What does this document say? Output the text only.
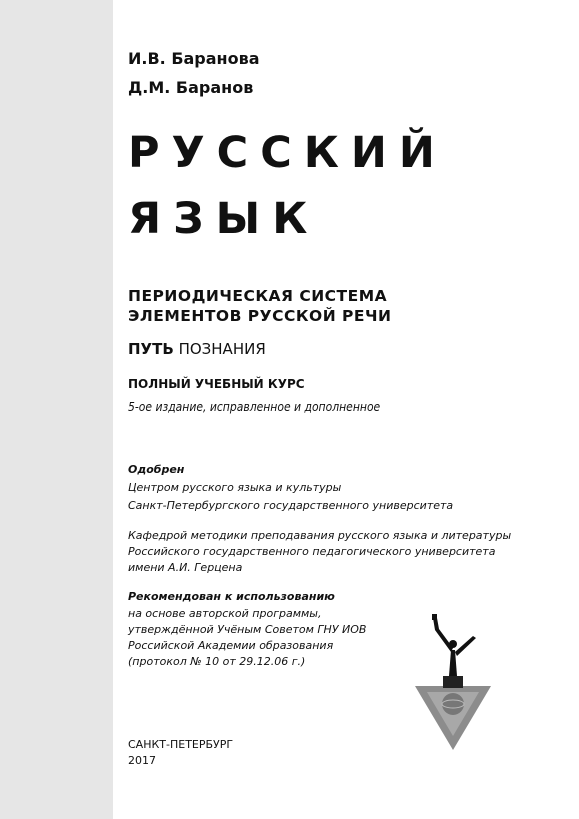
И.В. Баранова
Д.М. Баранов
РУССКИЙ
ЯЗЫК
ПЕРИОДИЧЕСКАЯ СИСТЕМА
ЭЛЕМЕНТОВ РУССКОЙ РЕЧИ
ПУТЬ ПОЗНАНИЯ
ПОЛНЫЙ УЧЕБНЫЙ КУРС
5-ое издание, исправленное и дополненное
Одобрен
Центром русского языка и культуры
Санкт-Петербургского государственного университета
Кафедрой методики преподавания русского языка и литературы
Российского государственного педагогического университета
имени А.И. Герцена
Рекомендован к использованию
на основе авторской программы,
утверждённой Учёным Советом ГНУ ИОВ
Российской Академии образования
(протокол № 10 от 29.12.06 г.)
САНКТ-ПЕТЕРБУРГ
2017
